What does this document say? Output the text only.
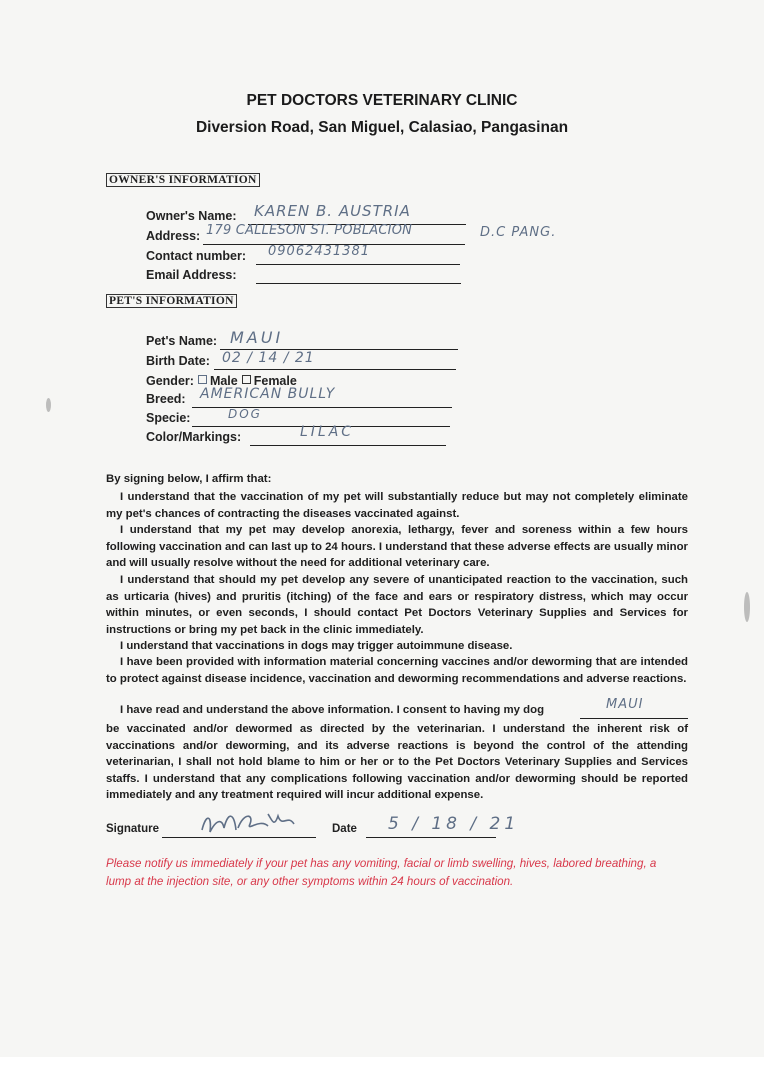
PET DOCTORS VETERINARY CLINIC
Diversion Road, San Miguel, Calasiao, Pangasinan
OWNER'S INFORMATION
Owner's Name: KAREN B. AUSTRIA
Address: 179 CALLESON ST. POBLACION	D.C PANG.
Contact number: 09062431381
Email Address:
PET'S INFORMATION
Pet's Name: MAUI
Birth Date: 02 / 14 / 21
Gender: Male Female
Breed: AMERICAN BULLY
Specie:	DOG
Color/Markings:	LILAC
By signing below, I affirm that:

I understand that the vaccination of my pet will substantially reduce but may not completely eliminate my pet's chances of contracting the diseases vaccinated against.

I understand that my pet may develop anorexia, lethargy, fever and soreness within a few hours following vaccination and can last up to 24 hours. I understand that these adverse effects are usually minor and will usually resolve without the need for additional veterinary care.

I understand that should my pet develop any severe of unanticipated reaction to the vaccination, such as urticaria (hives) and pruritis (itching) of the face and ears or respiratory distress, which may occur within minutes, or even seconds, I should contact Pet Doctors Veterinary Supplies and Services for instructions or bring my pet back in the clinic immediately.

I understand that vaccinations in dogs may trigger autoimmune disease.

I have been provided with information material concerning vaccines and/or deworming that are intended to protect against disease incidence, vaccination and deworming recommendations and adverse reactions.

I have read and understand the above information. I consent to having my dog	MAUI

be vaccinated and/or dewormed as directed by the veterinarian. I understand the inherent risk of vaccinations and/or deworming, and its adverse reactions is beyond the control of the attending veterinarian, I shall not hold blame to him or her or to the Pet Doctors Veterinary Supplies and Services staffs. I understand that any complications following vaccination and/or deworming should be reported immediately and any treatment required will incur additional expense.

Signature	Date 5 / 18 / 21
Please notify us immediately if your pet has any vomiting, facial or limb swelling, hives, labored breathing, a lump at the injection site, or any other symptoms within 24 hours of vaccination.
